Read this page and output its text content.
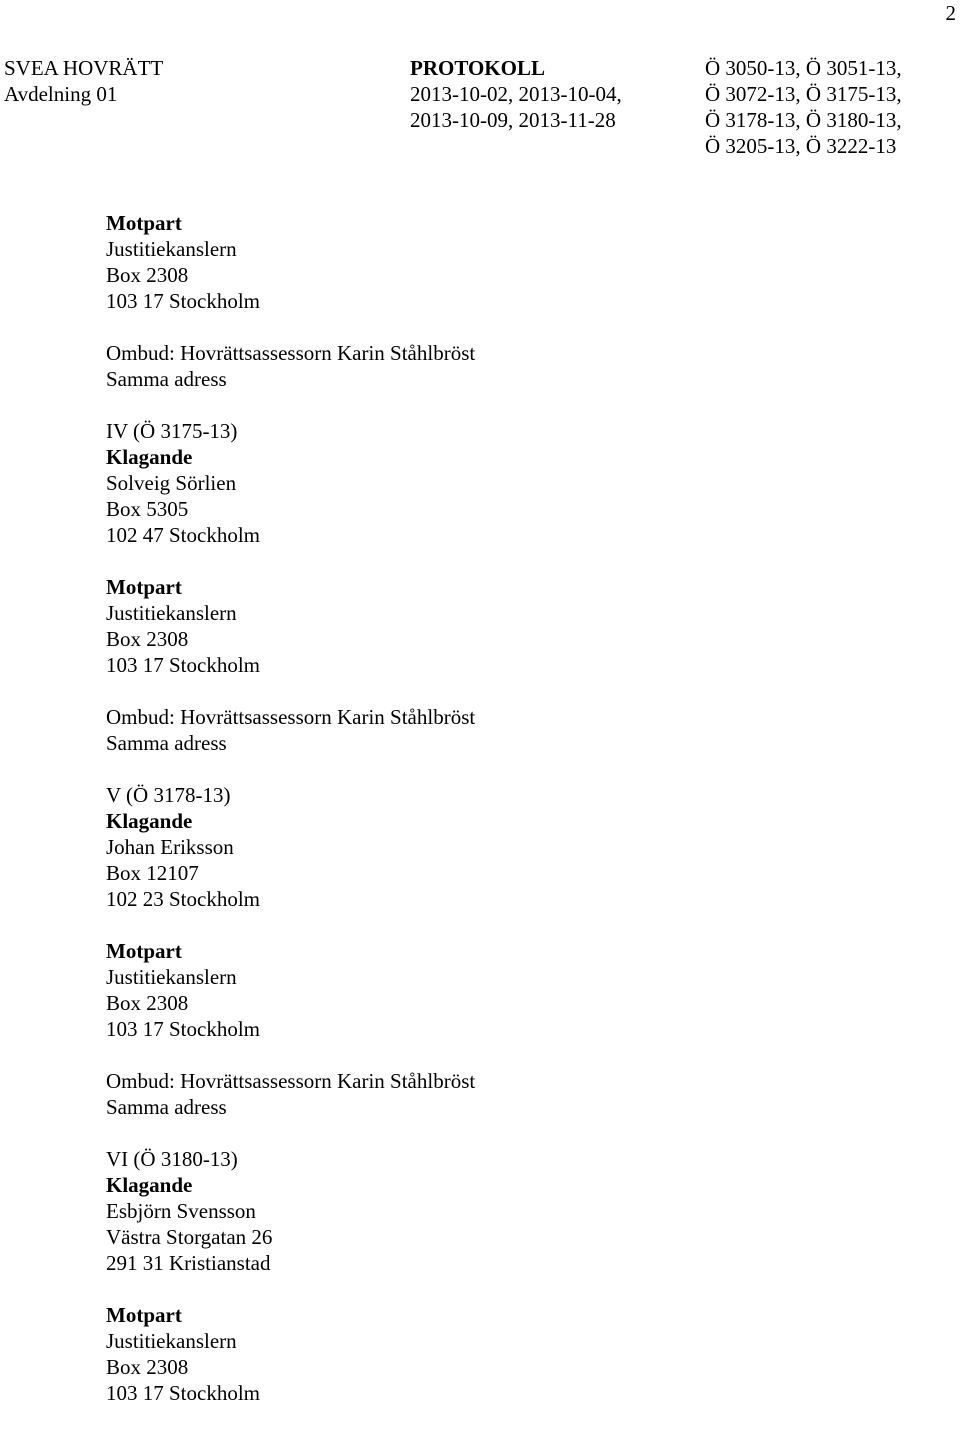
2
SVEA HOVRÄTT
Avdelning 01
PROTOKOLL
2013-10-02, 2013-10-04,
2013-10-09, 2013-11-28
Ö 3050-13, Ö 3051-13,
Ö 3072-13, Ö 3175-13,
Ö 3178-13, Ö 3180-13,
Ö 3205-13, Ö 3222-13
Motpart
Justitiekanslern
Box 2308
103 17 Stockholm
Ombud: Hovrättsassessorn Karin Ståhlbröst
Samma adress
IV (Ö 3175-13)
Klagande
Solveig Sörlien
Box 5305
102 47 Stockholm
Motpart
Justitiekanslern
Box 2308
103 17 Stockholm
Ombud: Hovrättsassessorn Karin Ståhlbröst
Samma adress
V (Ö 3178-13)
Klagande
Johan Eriksson
Box 12107
102 23 Stockholm
Motpart
Justitiekanslern
Box 2308
103 17 Stockholm
Ombud: Hovrättsassessorn Karin Ståhlbröst
Samma adress
VI (Ö 3180-13)
Klagande
Esbjörn Svensson
Västra Storgatan 26
291 31 Kristianstad
Motpart
Justitiekanslern
Box 2308
103 17 Stockholm
